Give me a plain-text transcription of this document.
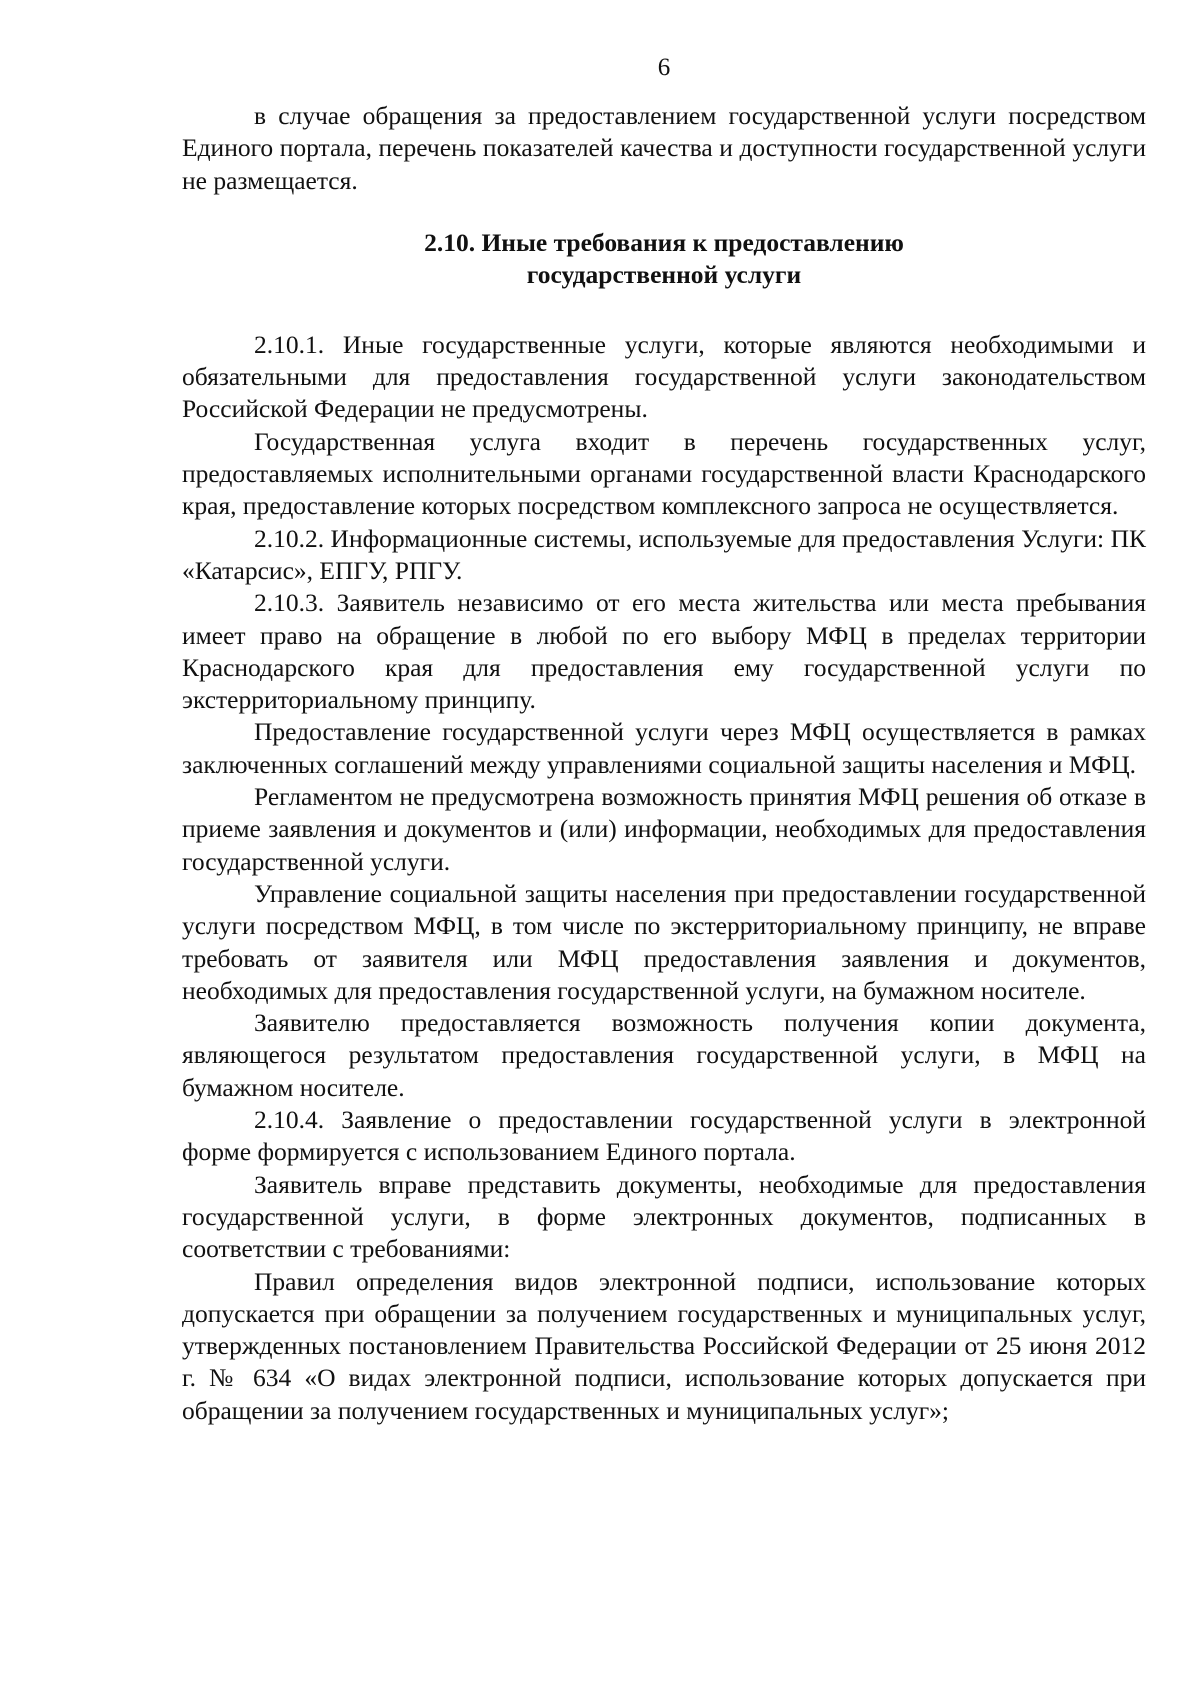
6

в случае обращения за предоставлением государственной услуги посредством Единого портала, перечень показателей качества и доступности государственной услуги не размещается.

2.10. Иные требования к предоставлению
государственной услуги

2.10.1. Иные государственные услуги, которые являются необходимыми и обязательными для предоставления государственной услуги законодательством Российской Федерации не предусмотрены.

Государственная услуга входит в перечень государственных услуг, предоставляемых исполнительными органами государственной власти Краснодарского края, предоставление которых посредством комплексного запроса не осуществляется.

2.10.2. Информационные системы, используемые для предоставления Услуги: ПК «Катарсис», ЕПГУ, РПГУ.

2.10.3. Заявитель независимо от его места жительства или места пребывания имеет право на обращение в любой по его выбору МФЦ в пределах территории Краснодарского края для предоставления ему государственной услуги по экстерриториальному принципу.

Предоставление государственной услуги через МФЦ осуществляется в рамках заключенных соглашений между управлениями социальной защиты населения и МФЦ.

Регламентом не предусмотрена возможность принятия МФЦ решения об отказе в приеме заявления и документов и (или) информации, необходимых для предоставления государственной услуги.

Управление социальной защиты населения при предоставлении государственной услуги посредством МФЦ, в том числе по экстерриториальному принципу, не вправе требовать от заявителя или МФЦ предоставления заявления и документов, необходимых для предоставления государственной услуги, на бумажном носителе.

Заявителю предоставляется возможность получения копии документа, являющегося результатом предоставления государственной услуги, в МФЦ на бумажном носителе.

2.10.4. Заявление о предоставлении государственной услуги в электронной форме формируется с использованием Единого портала.

Заявитель вправе представить документы, необходимые для предоставления государственной услуги, в форме электронных документов, подписанных в соответствии с требованиями:

Правил определения видов электронной подписи, использование которых допускается при обращении за получением государственных и муниципальных услуг, утвержденных постановлением Правительства Российской Федерации от 25 июня 2012 г. № 634 «О видах электронной подписи, использование которых допускается при обращении за получением государственных и муниципальных услуг»;
